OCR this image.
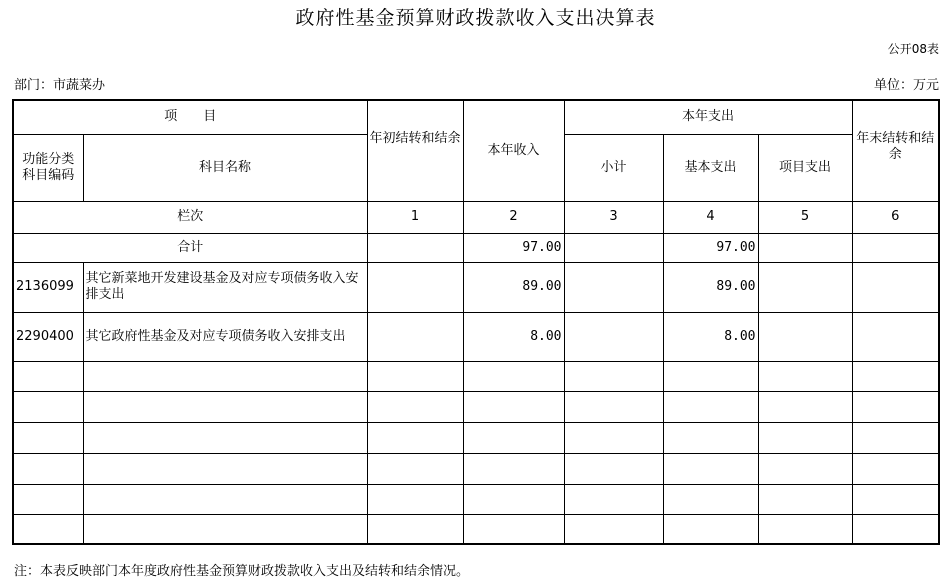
政府性基金预算财政拨款收入支出决算表
公开08表
部门：市蔬菜办	单位：万元
项　　目		年初结转和结余	本年收入	本年支出			年末结转和结余
功能分类科目编码	科目名称			小计	基本支出	项目支出	
栏次		1	2	3	4	5	6
合计			97.00		97.00		
2136099	其它新菜地开发建设基金及对应专项债务收入安排支出		89.00		89.00		
2290400	其它政府性基金及对应专项债务收入安排支出		8.00		8.00		

注：本表反映部门本年度政府性基金预算财政拨款收入支出及结转和结余情况。
